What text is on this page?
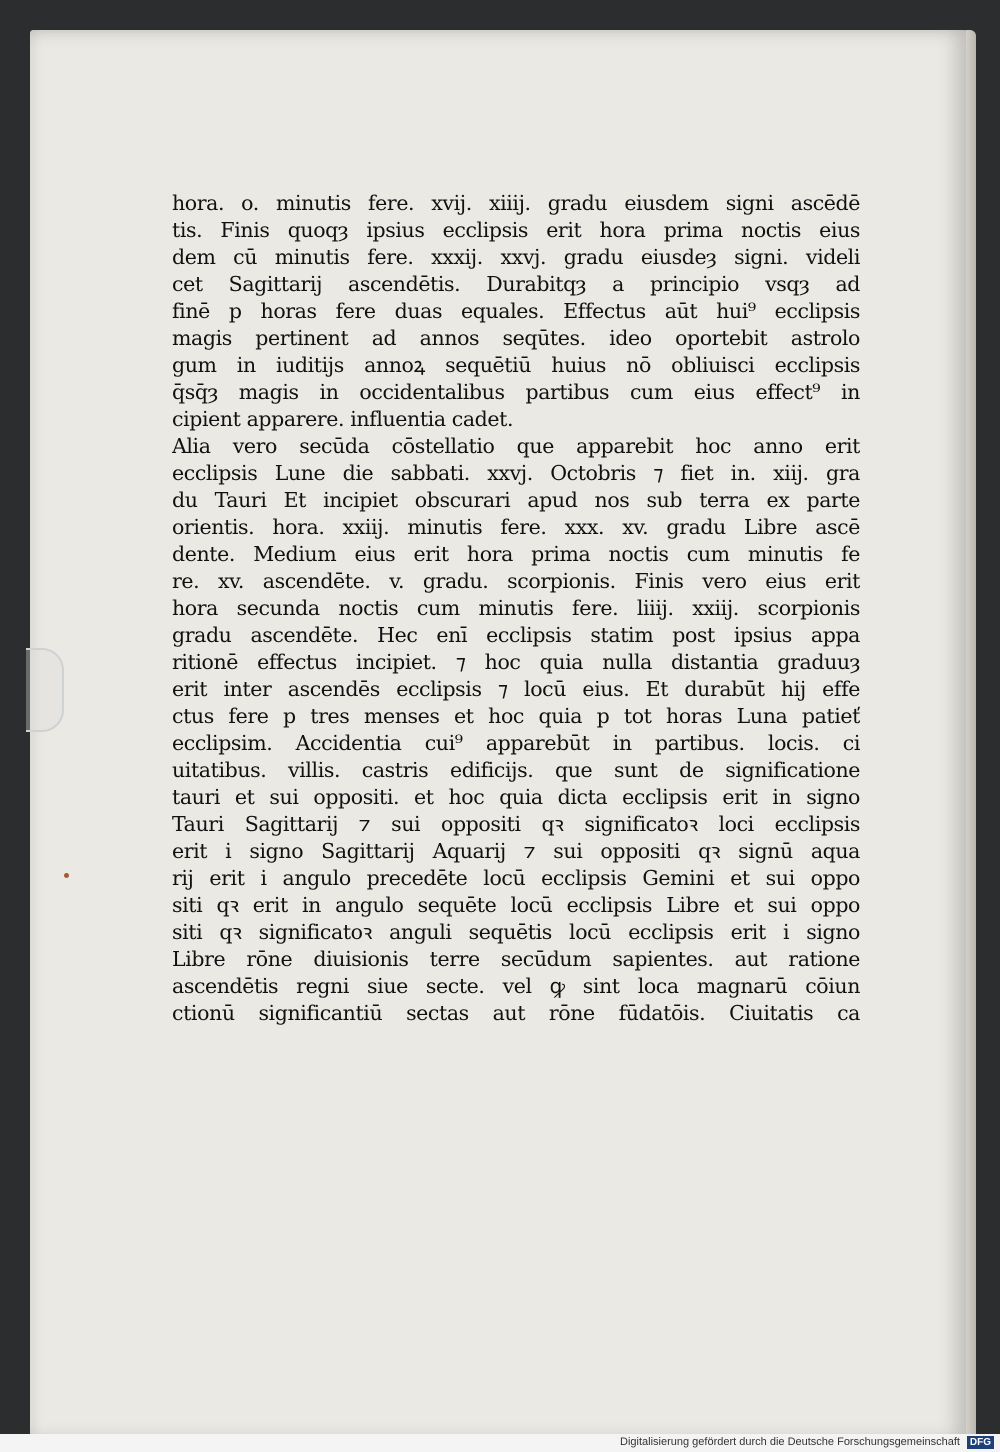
hora. o. minutis fere. xvij. xiiij. gradu eiusdem signi ascēdē
tis. Finis quoqȝ ipsius ecclipsis erit hora prima noctis eius
dem cū minutis fere. xxxij. xxvj. gradu eiusdeȝ signi. videli
cet Sagittarij ascendētis. Durabitqȝ a principio vsqȝ ad
finē p horas fere duas equales. Effectus aūt hui⁹ ecclipsis
magis pertinent ad annos seqūtes. ideo oportebit astrolo
gum in iuditijs annoꝝ sequētiū huius nō obliuisci ecclipsis
q̄sq̄ȝ magis in occidentalibus partibus cum eius effect⁹ in
cipient apparere. influentia cadet.
Alia vero secūda cōstellatio que apparebit hoc anno erit
ecclipsis Lune die sabbati. xxvj. Octobris ⁊ fiet in. xiij. gra
du Tauri Et incipiet obscurari apud nos sub terra ex parte
orientis. hora. xxiij. minutis fere. xxx. xv. gradu Libre ascē
dente. Medium eius erit hora prima noctis cum minutis fe
re. xv. ascendēte. v. gradu. scorpionis. Finis vero eius erit
hora secunda noctis cum minutis fere. liiij. xxiij. scorpionis
gradu ascendēte. Hec enī ecclipsis statim post ipsius appa
ritionē effectus incipiet. ⁊ hoc quia nulla distantia graduuȝ
erit inter ascendēs ecclipsis ⁊ locū eius. Et durabūt hij effe
ctus fere p tres menses et hoc quia p tot horas Luna patieť
ecclipsim. Accidentia cui⁹ apparebūt in partibus. locis. ci
uitatibus. villis. castris edificijs. que sunt de significatione
tauri et sui oppositi. et hoc quia dicta ecclipsis erit in signo
Tauri Sagittarij ⁊ sui oppositi qꝛ significatoꝛ loci ecclipsis
erit i signo Sagittarij Aquarij ⁊ sui oppositi qꝛ signū aqua
rij erit i angulo precedēte locū ecclipsis Gemini et sui oppo
siti qꝛ erit in angulo sequēte locū ecclipsis Libre et sui oppo
siti qꝛ significatoꝛ anguli sequētis locū ecclipsis erit i signo
Libre rōne diuisionis terre secūdum sapientes. aut ratione
ascendētis regni siue secte. vel ꝙ sint loca magnarū cōiun
ctionū significantiū sectas aut rōne fūdatōis. Ciuitatis ca
Digitalisierung gefördert durch die Deutsche Forschungsgemeinschaft DFG
